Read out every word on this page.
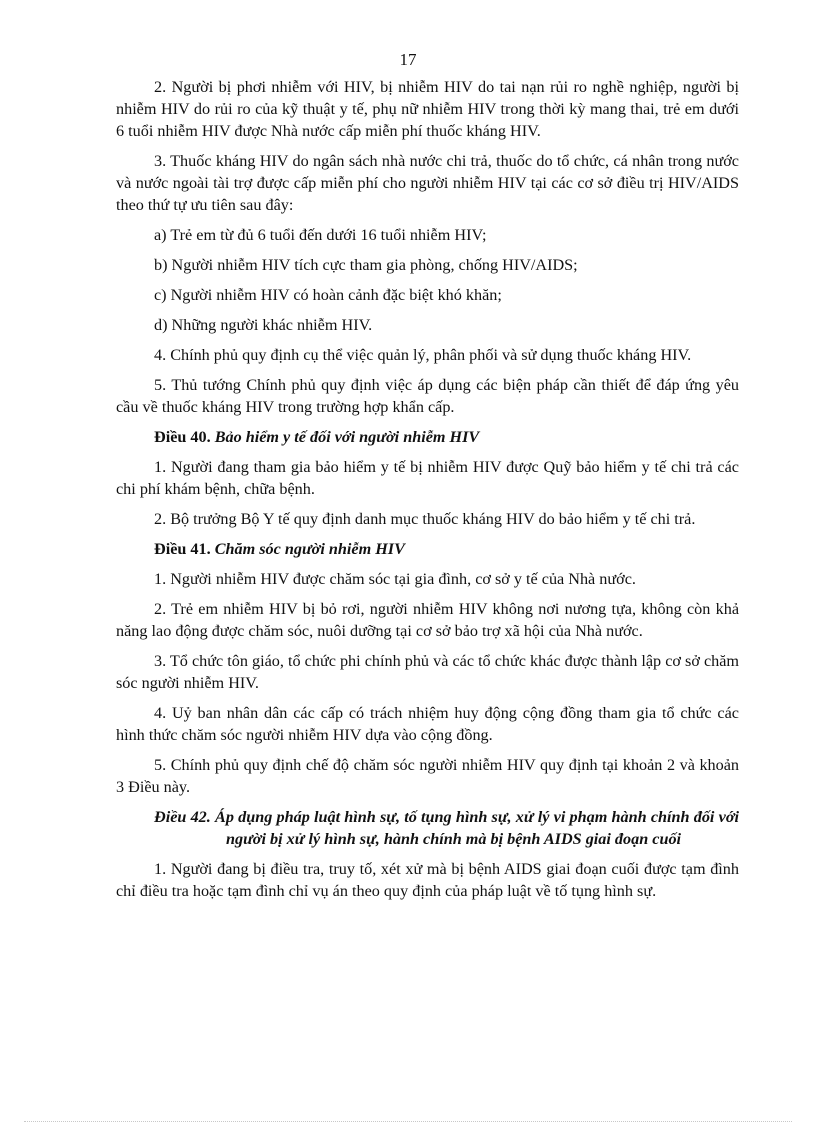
17

2. Người bị phơi nhiễm với HIV, bị nhiễm HIV do tai nạn rủi ro nghề nghiệp, người bị nhiễm HIV do rủi ro của kỹ thuật y tế, phụ nữ nhiễm HIV trong thời kỳ mang thai, trẻ em dưới 6 tuổi nhiễm HIV được Nhà nước cấp miễn phí thuốc kháng HIV.

3. Thuốc kháng HIV do ngân sách nhà nước chi trả, thuốc do tổ chức, cá nhân trong nước và nước ngoài tài trợ được cấp miễn phí cho người nhiễm HIV tại các cơ sở điều trị HIV/AIDS theo thứ tự ưu tiên sau đây:

a) Trẻ em từ đủ 6 tuổi đến dưới 16 tuổi nhiễm HIV;

b) Người nhiễm HIV tích cực tham gia phòng, chống HIV/AIDS;

c) Người nhiễm HIV có hoàn cảnh đặc biệt khó khăn;

d) Những người khác nhiễm HIV.

4. Chính phủ quy định cụ thể việc quản lý, phân phối và sử dụng thuốc kháng HIV.

5. Thủ tướng Chính phủ quy định việc áp dụng các biện pháp cần thiết để đáp ứng yêu cầu về thuốc kháng HIV trong trường hợp khẩn cấp.

Điều 40. Bảo hiểm y tế đối với người nhiễm HIV

1. Người đang tham gia bảo hiểm y tế bị nhiễm HIV được Quỹ bảo hiểm y tế chi trả các chi phí khám bệnh, chữa bệnh.

2. Bộ trưởng Bộ Y tế quy định danh mục thuốc kháng HIV do bảo hiểm y tế chi trả.

Điều 41. Chăm sóc người nhiễm HIV

1. Người nhiễm HIV được chăm sóc tại gia đình, cơ sở y tế của Nhà nước.

2. Trẻ em nhiễm HIV bị bỏ rơi, người nhiễm HIV không nơi nương tựa, không còn khả năng lao động được chăm sóc, nuôi dưỡng tại cơ sở bảo trợ xã hội của Nhà nước.

3. Tổ chức tôn giáo, tổ chức phi chính phủ và các tổ chức khác được thành lập cơ sở chăm sóc người nhiễm HIV.

4. Uỷ ban nhân dân các cấp có trách nhiệm huy động cộng đồng tham gia tổ chức các hình thức chăm sóc người nhiễm HIV dựa vào cộng đồng.

5. Chính phủ quy định chế độ chăm sóc người nhiễm HIV quy định tại khoản 2 và khoản 3 Điều này.

Điều 42. Áp dụng pháp luật hình sự, tố tụng hình sự, xử lý vi phạm hành chính đối với người bị xử lý hình sự, hành chính mà bị bệnh AIDS giai đoạn cuối

1. Người đang bị điều tra, truy tố, xét xử mà bị bệnh AIDS giai đoạn cuối được tạm đình chỉ điều tra hoặc tạm đình chỉ vụ án theo quy định của pháp luật về tố tụng hình sự.
